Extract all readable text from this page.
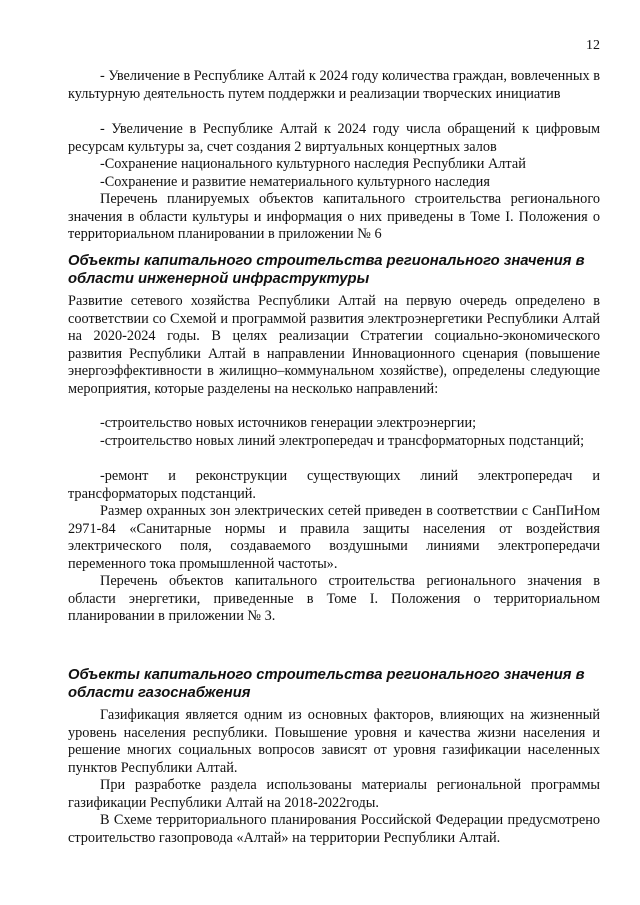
12

- Увеличение в Республике Алтай к 2024 году количества граждан, вовлеченных в культурную деятельность путем поддержки и реализации творческих инициатив

- Увеличение в Республике Алтай к 2024 году числа обращений к цифровым ресурсам культуры за, счет создания 2 виртуальных концертных залов

-Сохранение национального культурного наследия Республики Алтай

-Сохранение и развитие нематериального культурного наследия

Перечень планируемых объектов капитального строительства регионального значения в области культуры и информация о них приведены в Томе I. Положения о территориальном планировании в приложении № 6

Объекты капитального строительства регионального значения в области инженерной инфраструктуры

Развитие сетевого хозяйства Республики Алтай на первую очередь определено в соответствии со Схемой и программой развития электроэнергетики Республики Алтай на 2020-2024 годы. В целях реализации Стратегии социально-экономического развития Республики Алтай в направлении Инновационного сценария (повышение энергоэффективности в жилищно–коммунальном хозяйстве), определены следующие мероприятия, которые разделены на несколько направлений:

-строительство новых источников генерации электроэнергии;

-строительство новых линий электропередач и трансформаторных подстанций;

-ремонт и реконструкции существующих линий электропередач и трансформаторых подстанций.

Размер охранных зон электрических сетей приведен в соответствии с СанПиНом 2971-84 «Санитарные нормы и правила защиты населения от воздействия электрического поля, создаваемого воздушными линиями электропередачи переменного тока промышленной частоты».

Перечень объектов капитального строительства регионального значения в области энергетики, приведенные в Томе I. Положения о территориальном планировании в приложении № 3.

Объекты капитального строительства регионального значения в области газоснабжения

Газификация является одним из основных факторов, влияющих на жизненный уровень населения республики. Повышение уровня и качества жизни населения и решение многих социальных вопросов зависят от уровня газификации населенных пунктов Республики Алтай.

При разработке раздела использованы материалы региональной программы газификации Республики Алтай на 2018-2022годы.

В Схеме территориального планирования Российской Федерации предусмотрено строительство газопровода «Алтай» на территории Республики Алтай.
